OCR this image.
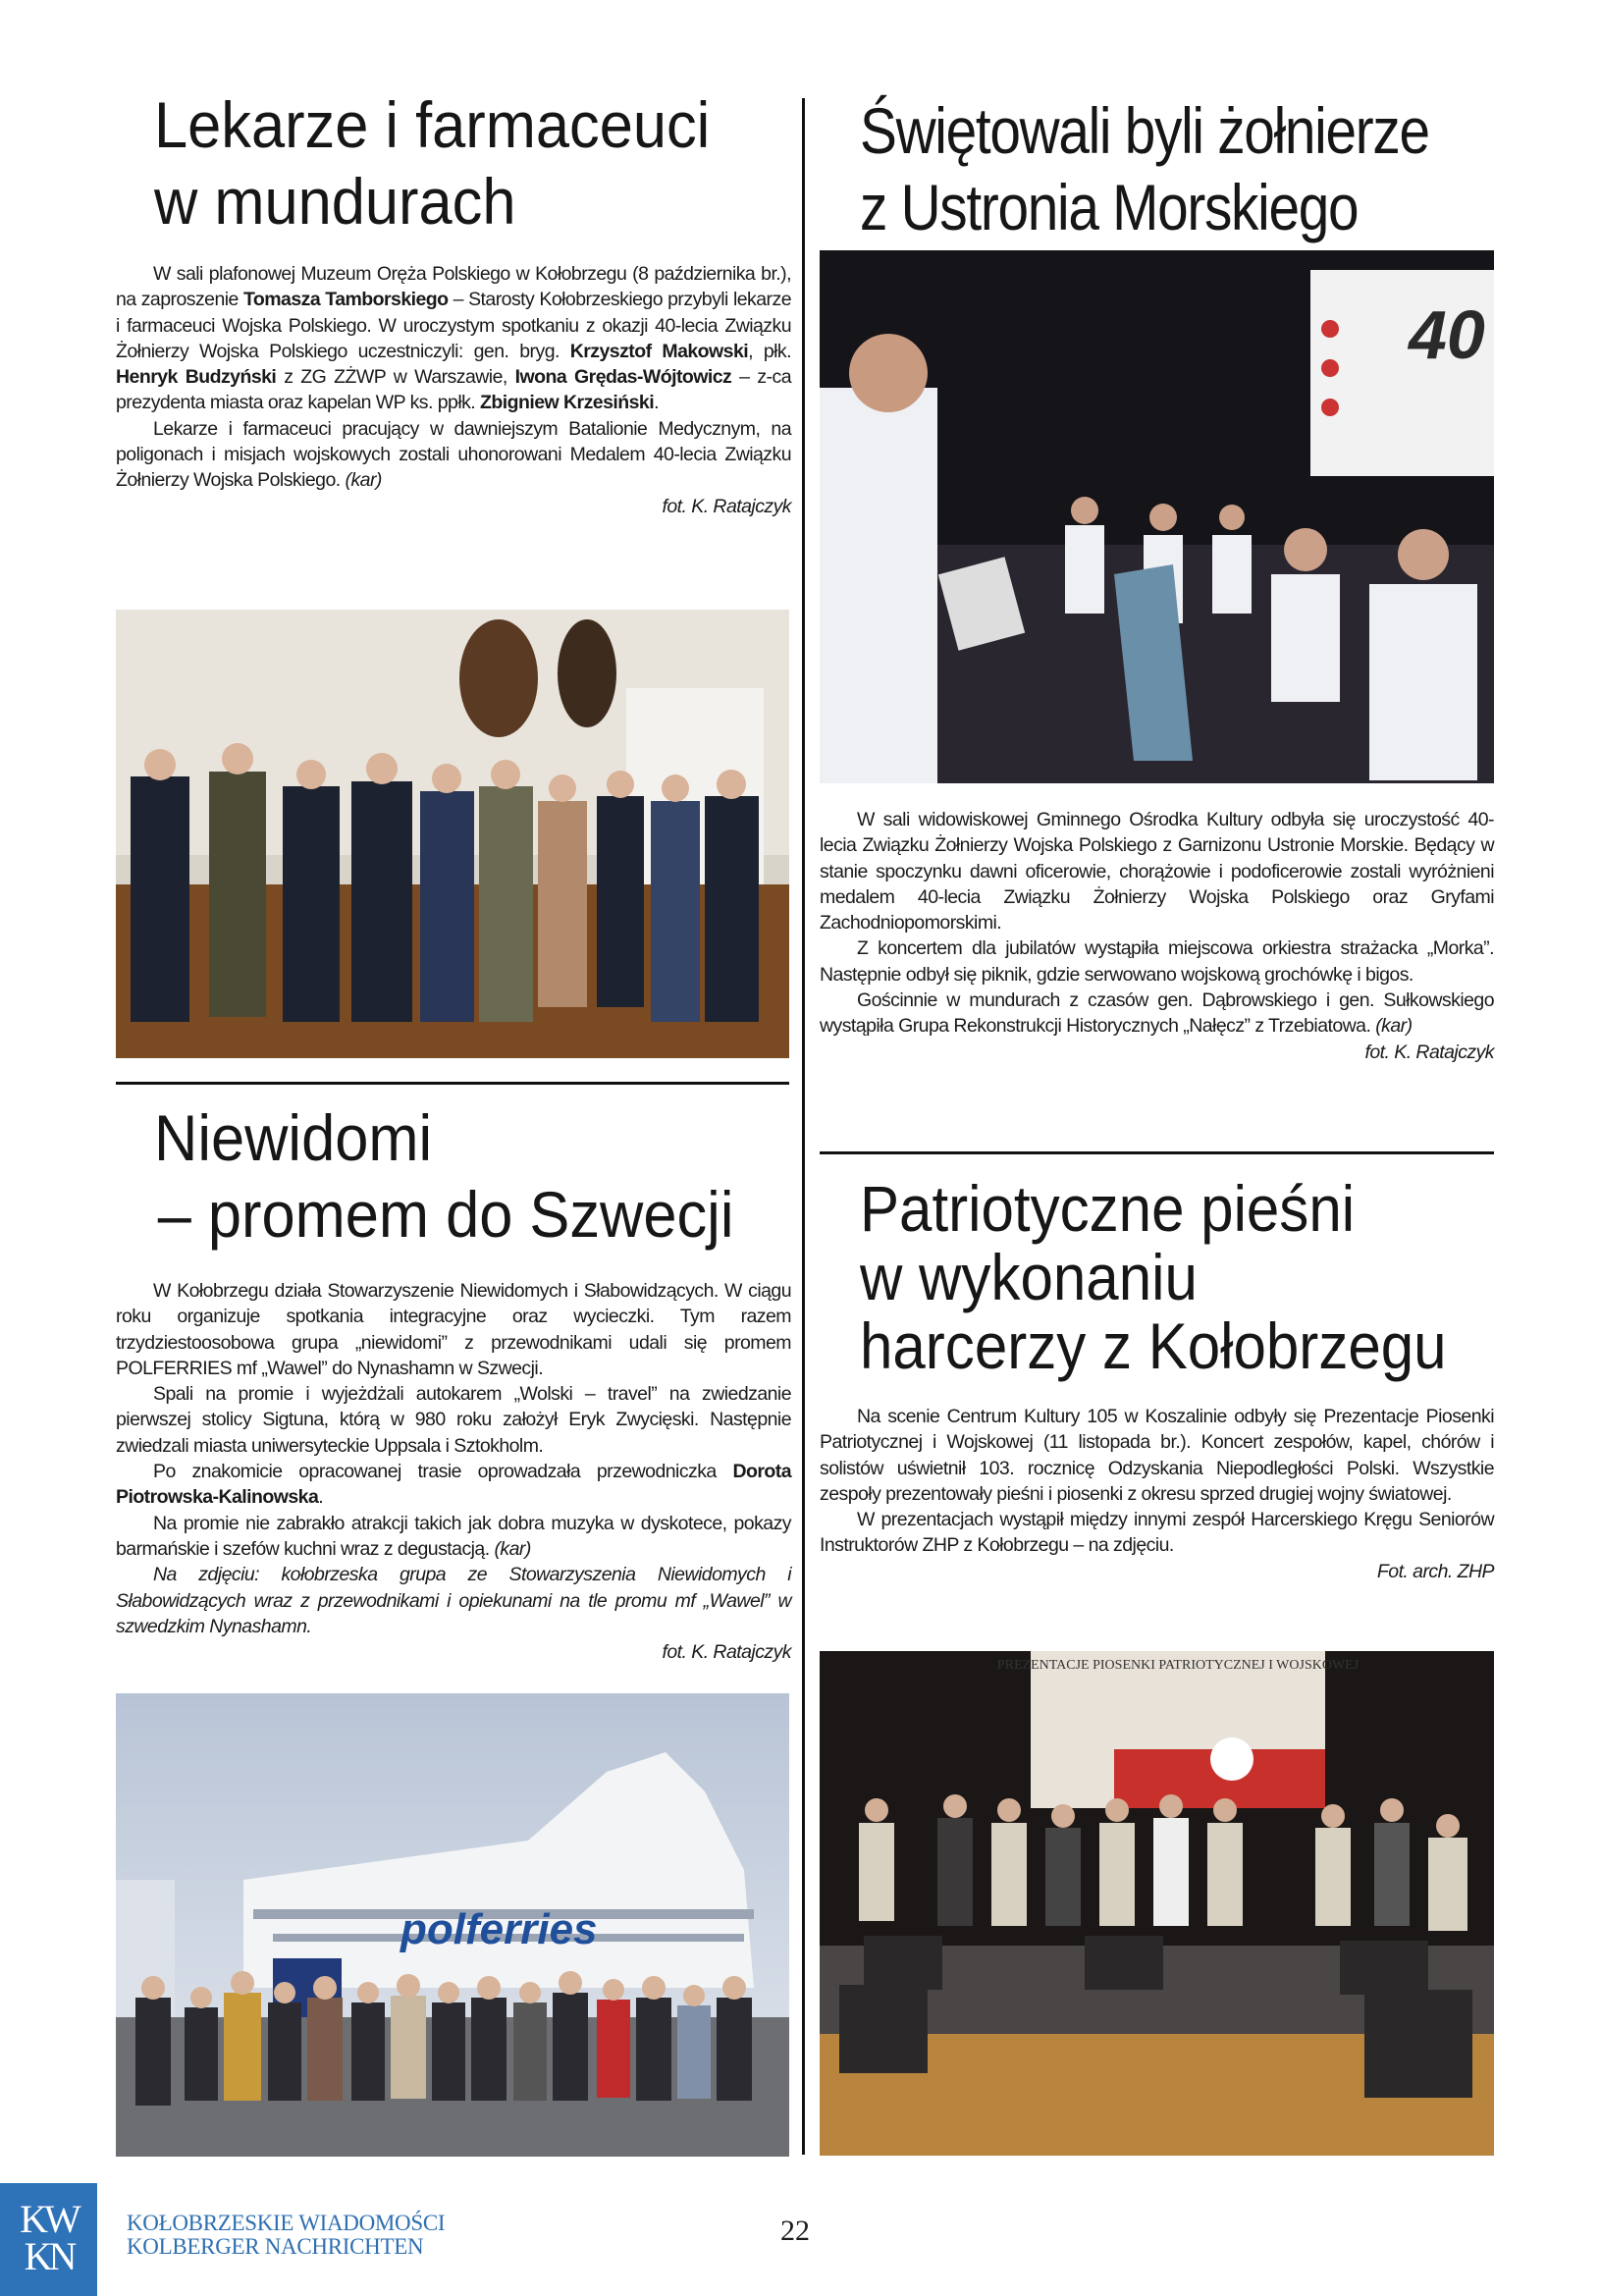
Lekarze i farmaceuci
w mundurach

W sali plafonowej Muzeum Oręża Polskiego w Kołobrzegu (8 października br.), na zaproszenie Tomasza Tamborskiego – Starosty Kołobrzeskiego przybyli lekarze i farmaceuci Wojska Polskiego. W uroczystym spotkaniu z okazji 40-lecia Związku Żołnierzy Wojska Polskiego uczestniczyli: gen. bryg. Krzysztof Makowski, płk. Henryk Budzyński z ZG ZŻWP w Warszawie, Iwona Grędas-Wójtowicz – z-ca prezydenta miasta oraz kapelan WP ks. ppłk. Zbigniew Krzesiński.

Lekarze i farmaceuci pracujący w dawniejszym Batalionie Medycznym, na poligonach i misjach wojskowych zostali uhonorowani Medalem 40-lecia Związku Żołnierzy Wojska Polskiego. (kar)

fot. K. Ratajczyk

Niewidomi
– promem do Szwecji

W Kołobrzegu działa Stowarzyszenie Niewidomych i Słabowidzących. W ciągu roku organizuje spotkania integracyjne oraz wycieczki. Tym razem trzydziestoosobowa grupa „niewidomi” z przewodnikami udali się promem POLFERRIES mf „Wawel” do Nynashamn w Szwecji.

Spali na promie i wyjeżdżali autokarem „Wolski – travel” na zwiedzanie pierwszej stolicy Sigtuna, którą w 980 roku założył Eryk Zwycięski. Następnie zwiedzali miasta uniwersyteckie Uppsala i Sztokholm.

Po znakomicie opracowanej trasie oprowadzała przewodniczka Dorota Piotrowska-Kalinowska.

Na promie nie zabrakło atrakcji takich jak dobra muzyka w dyskotece, pokazy barmańskie i szefów kuchni wraz z degustacją. (kar)

Na zdjęciu: kołobrzeska grupa ze Stowarzyszenia Niewidomych i Słabowidzących wraz z przewodnikami i opiekunami na tle promu mf „Wawel” w szwedzkim Nynashamn.

fot. K. Ratajczyk

polferries
Świętowali byli żołnierze
z Ustronia Morskiego
40

W sali widowiskowej Gminnego Ośrodka Kultury odbyła się uroczystość 40-lecia Związku Żołnierzy Wojska Polskiego z Garnizonu Ustronie Morskie. Będący w stanie spoczynku dawni oficerowie, chorążowie i podoficerowie zostali wyróżnieni medalem 40-lecia Związku Żołnierzy Wojska Polskiego oraz Gryfami Zachodniopomorskimi.

Z koncertem dla jubilatów wystąpiła miejscowa orkiestra strażacka „Morka”. Następnie odbył się piknik, gdzie serwowano wojskową grochówkę i bigos.

Gościnnie w mundurach z czasów gen. Dąbrowskiego i gen. Sułkowskiego wystąpiła Grupa Rekonstrukcji Historycznych „Nałęcz” z Trzebiatowa. (kar)

fot. K. Ratajczyk

Patriotyczne pieśni
w wykonaniu
harcerzy z Kołobrzegu

Na scenie Centrum Kultury 105 w Koszalinie odbyły się Prezentacje Piosenki Patriotycznej i Wojskowej (11 listopada br.). Koncert zespołów, kapel, chórów i solistów uświetnił 103. rocznicę Odzyskania Niepodległości Polski. Wszystkie zespoły prezentowały pieśni i piosenki z okresu sprzed drugiej wojny światowej.

W prezentacjach wystąpił między innymi zespół Harcerskiego Kręgu Seniorów Instruktorów ZHP z Kołobrzegu – na zdjęciu.

Fot. arch. ZHP

PREZENTACJE PIOSENKI PATRIOTYCZNEJ I WOJSKOWEJ
KW
KN
KOŁOBRZESKIE WIADOMOŚCI
KOLBERGER NACHRICHTEN	22
